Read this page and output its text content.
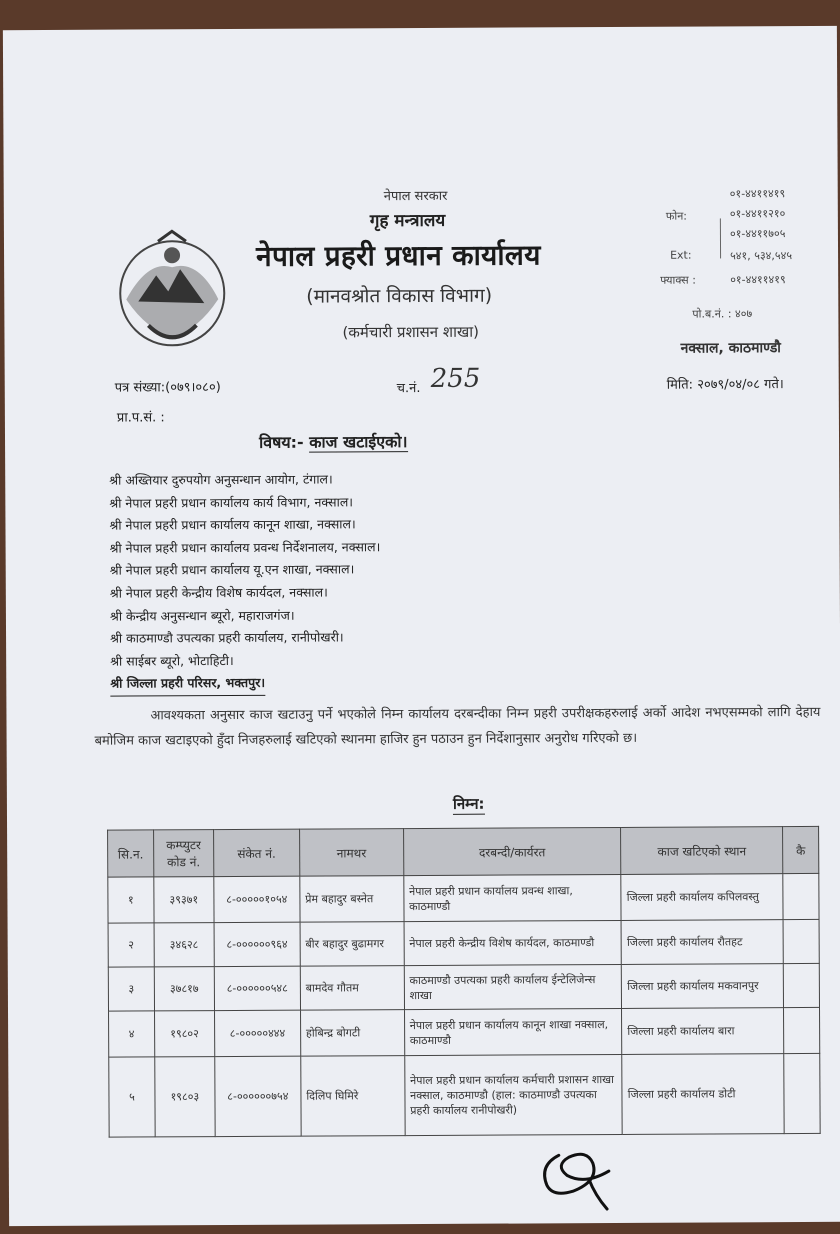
नेपाल सरकार
गृह मन्त्रालय
नेपाल प्रहरी प्रधान कार्यालय
(मानवश्रोत विकास विभाग)
(कर्मचारी प्रशासन शाखा)
फोन:
०१-४४११४१९
०१-४४११२१०
०१-४४११७०५
Ext:	५४१, ५३४,५४५
फ्याक्स :	०१-४४११४१९
पो.ब.नं. : ४०७
नक्साल, काठमाण्डौ
पत्र संख्या:(०७९।०८०)	च.नं. 255	मिति: २०७९/०४/०८ गते।
प्रा.प.सं. :
विषय:- काज खटाईएको।
श्री अख्तियार दुरुपयोग अनुसन्धान आयोग, टंगाल।
श्री नेपाल प्रहरी प्रधान कार्यालय कार्य विभाग, नक्साल।
श्री नेपाल प्रहरी प्रधान कार्यालय कानून शाखा, नक्साल।
श्री नेपाल प्रहरी प्रधान कार्यालय प्रवन्ध निर्देशनालय, नक्साल।
श्री नेपाल प्रहरी प्रधान कार्यालय यू.एन शाखा, नक्साल।
श्री नेपाल प्रहरी केन्द्रीय विशेष कार्यदल, नक्साल।
श्री केन्द्रीय अनुसन्धान ब्यूरो, महाराजगंज।
श्री काठमाण्डौ उपत्यका प्रहरी कार्यालय, रानीपोखरी।
श्री साईबर ब्यूरो, भोटाहिटी।
श्री जिल्ला प्रहरी परिसर, भक्तपुर।
आवश्यकता अनुसार काज खटाउनु पर्ने भएकोले निम्न कार्यालय दरबन्दीका निम्न प्रहरी उपरीक्षकहरुलाई अर्को आदेश नभएसम्मको लागि देहाय बमोजिम काज खटाइएको हुँदा निजहरुलाई खटिएको स्थानमा हाजिर हुन पठाउन हुन निर्देशानुसार अनुरोध गरिएको छ।
निम्न:
सि.न.	कम्प्युटर कोड नं.	संकेत नं.	नामथर	दरबन्दी/कार्यरत	काज खटिएको स्थान	कै
१	३९३७१	८-०००००१०५४	प्रेम बहादुर बस्नेत	नेपाल प्रहरी प्रधान कार्यालय प्रवन्ध शाखा, काठमाण्डौ	जिल्ला प्रहरी कार्यालय कपिलवस्तु	
२	३४६२८	८-००००००९६४	बीर बहादुर बुढामगर	नेपाल प्रहरी केन्द्रीय विशेष कार्यदल, काठमाण्डौ	जिल्ला प्रहरी कार्यालय रौतहट	
३	३७८१७	८-००००००५४८	बामदेव गौतम	काठमाण्डौ उपत्यका प्रहरी कार्यालय ईन्टेलिजेन्स शाखा	जिल्ला प्रहरी कार्यालय मकवानपुर	
४	१९८०२	८-०००००४४४	होबिन्द्र बोगटी	नेपाल प्रहरी प्रधान कार्यालय कानून शाखा नक्साल, काठमाण्डौ	जिल्ला प्रहरी कार्यालय बारा	
५	१९८०३	८-००००००७५४	दिलिप घिमिरे	नेपाल प्रहरी प्रधान कार्यालय कर्मचारी प्रशासन शाखा नक्साल, काठमाण्डौ (हाल: काठमाण्डौ उपत्यका प्रहरी कार्यालय रानीपोखरी)	जिल्ला प्रहरी कार्यालय डोटी	
